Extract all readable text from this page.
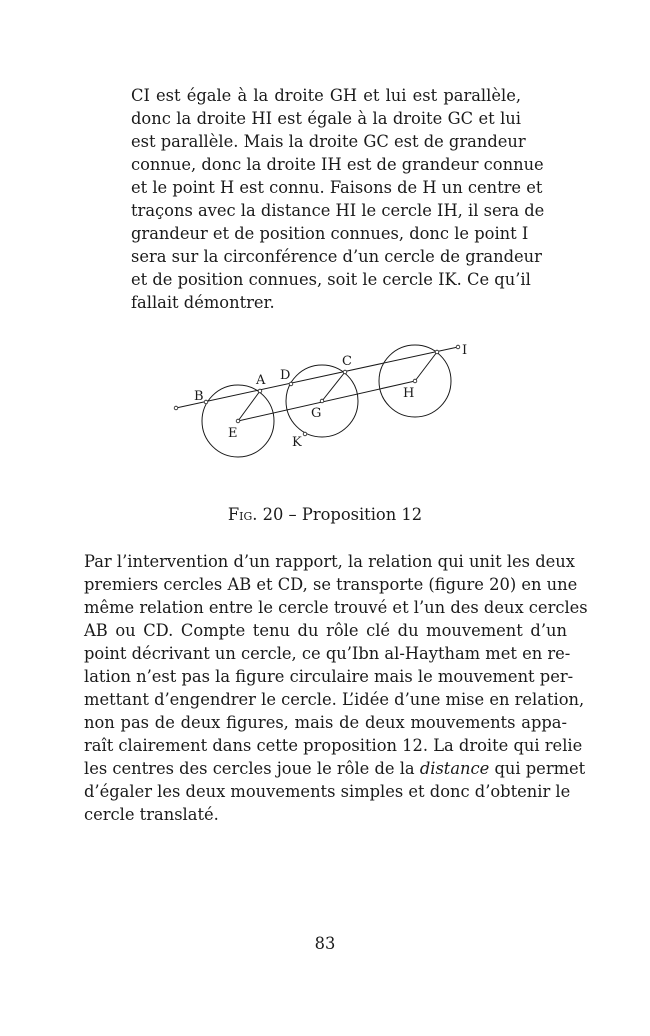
CI est égale à la droite GH et lui est parallèle,
donc la droite HI est égale à la droite GC et lui
est parallèle. Mais la droite GC est de grandeur
connue, donc la droite IH est de grandeur connue
et le point H est connu. Faisons de H un centre et
traçons avec la distance HI le cercle IH, il sera de
grandeur et de position connues, donc le point I
sera sur la circonférence d’un cercle de grandeur
et de position connues, soit le cercle IK. Ce qu’il
fallait démontrer.
B
A D
C
I
E
G
H
K
Fig. 20 – Proposition 12
Par l’intervention d’un rapport, la relation qui unit les deux
premiers cercles AB et CD, se transporte (figure 20) en une
même relation entre le cercle trouvé et l’un des deux cercles
AB ou CD. Compte tenu du rôle clé du mouvement d’un
point décrivant un cercle, ce qu’Ibn al-Haytham met en re-
lation n’est pas la figure circulaire mais le mouvement per-
mettant d’engendrer le cercle. L’idée d’une mise en relation,
non pas de deux figures, mais de deux mouvements appa-
raît clairement dans cette proposition 12. La droite qui relie
les centres des cercles joue le rôle de la distance qui permet
d’égaler les deux mouvements simples et donc d’obtenir le
cercle translaté.
83
